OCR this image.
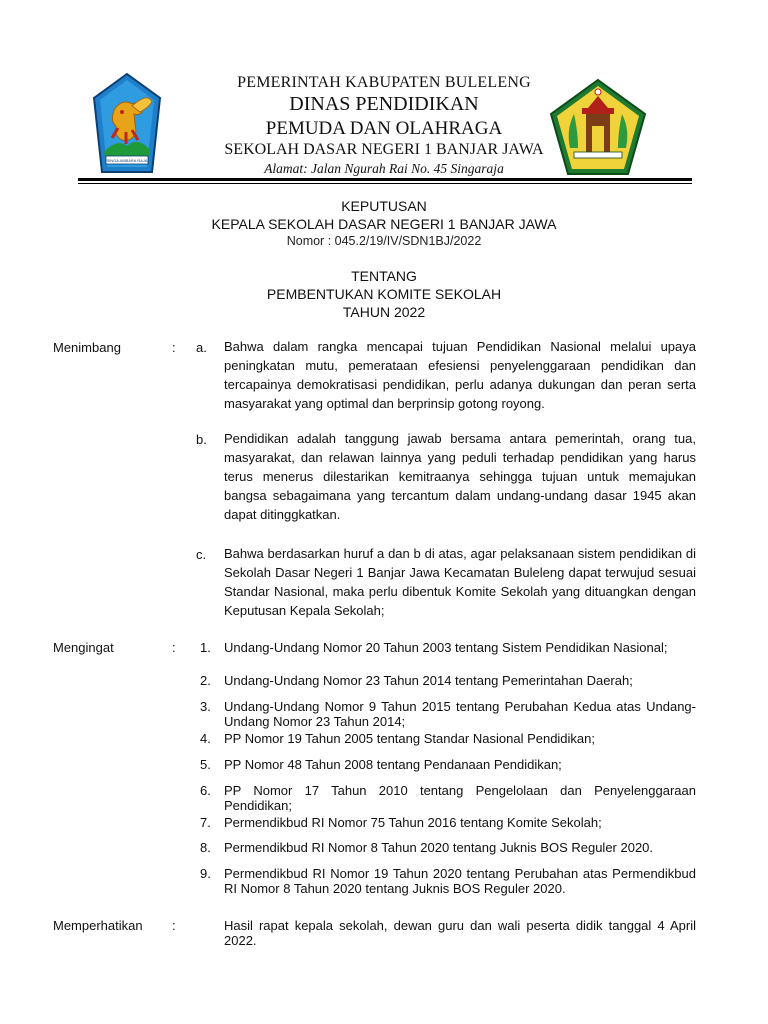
SINGA AMBARA RAJA
PEMERINTAH KABUPATEN BULELENG
DINAS PENDIDIKAN
PEMUDA DAN OLAHRAGA
SEKOLAH DASAR NEGERI 1 BANJAR JAWA
Alamat: Jalan Ngurah Rai No. 45 Singaraja
KEPUTUSAN
KEPALA SEKOLAH DASAR NEGERI 1 BANJAR JAWA
Nomor : 045.2/19/IV/SDN1BJ/2022
TENTANG
PEMBENTUKAN KOMITE SEKOLAH
TAHUN 2022
Menimbang	: a. Bahwa dalam rangka mencapai tujuan Pendidikan Nasional melalui upaya peningkatan mutu, pemerataan efesiensi penyelenggaraan pendidikan dan tercapainya demokratisasi pendidikan, perlu adanya dukungan dan peran serta masyarakat yang optimal dan berprinsip gotong royong.
b. Pendidikan adalah tanggung jawab bersama antara pemerintah, orang tua, masyarakat, dan relawan lainnya yang peduli terhadap pendidikan yang harus terus menerus dilestarikan kemitraanya sehingga tujuan untuk memajukan bangsa sebagaimana yang tercantum dalam undang-undang dasar 1945 akan dapat ditinggkatkan.
c. Bahwa berdasarkan huruf a dan b di atas, agar pelaksanaan sistem pendidikan di Sekolah Dasar Negeri 1 Banjar Jawa Kecamatan Buleleng dapat terwujud sesuai Standar Nasional, maka perlu dibentuk Komite Sekolah yang dituangkan dengan Keputusan Kepala Sekolah;
Mengingat	: 1. Undang-Undang Nomor 20 Tahun 2003 tentang Sistem Pendidikan Nasional;
2. Undang-Undang Nomor 23 Tahun 2014 tentang Pemerintahan Daerah;
3. Undang-Undang Nomor 9 Tahun 2015 tentang Perubahan Kedua atas Undang-Undang Nomor 23 Tahun 2014;
4. PP Nomor 19 Tahun 2005 tentang Standar Nasional Pendidikan;
5. PP Nomor 48 Tahun 2008 tentang Pendanaan Pendidikan;
6. PP Nomor 17 Tahun 2010 tentang Pengelolaan dan Penyelenggaraan Pendidikan;
7. Permendikbud RI Nomor 75 Tahun 2016 tentang Komite Sekolah;
8. Permendikbud RI Nomor 8 Tahun 2020 tentang Juknis BOS Reguler 2020.
9. Permendikbud RI Nomor 19 Tahun 2020 tentang Perubahan atas Permendikbud RI Nomor 8 Tahun 2020 tentang Juknis BOS Reguler 2020.
Memperhatikan :	Hasil rapat kepala sekolah, dewan guru dan wali peserta didik tanggal 4 April 2022.
